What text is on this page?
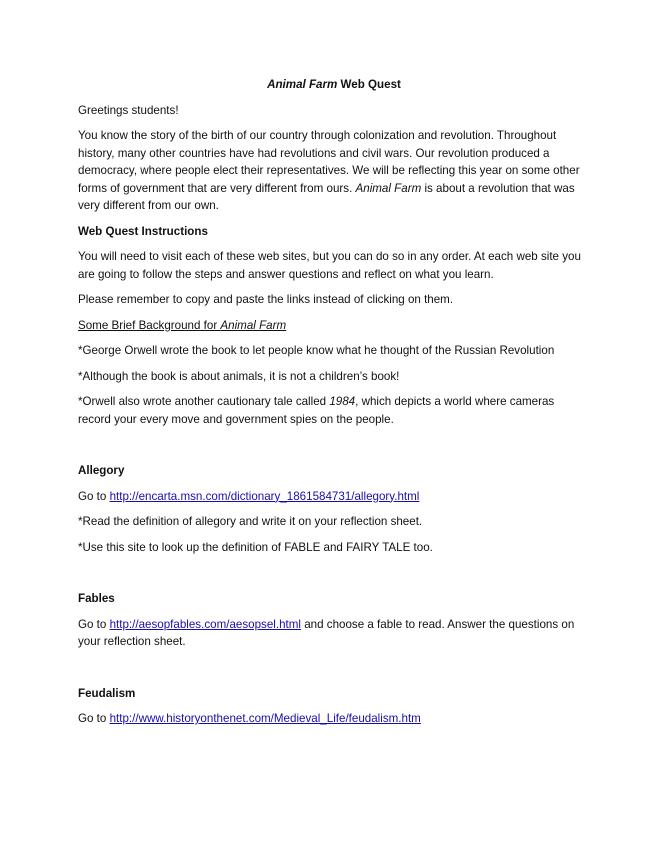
Animal Farm Web Quest

Greetings students!

You know the story of the birth of our country through colonization and revolution. Throughout history, many other countries have had revolutions and civil wars. Our revolution produced a democracy, where people elect their representatives. We will be reflecting this year on some other forms of government that are very different from ours. Animal Farm is about a revolution that was very different from our own.

Web Quest Instructions

You will need to visit each of these web sites, but you can do so in any order. At each web site you are going to follow the steps and answer questions and reflect on what you learn.

Please remember to copy and paste the links instead of clicking on them.

Some Brief Background for Animal Farm

*George Orwell wrote the book to let people know what he thought of the Russian Revolution

*Although the book is about animals, it is not a children’s book!

*Orwell also wrote another cautionary tale called 1984, which depicts a world where cameras record your every move and government spies on the people.

Allegory

Go to http://encarta.msn.com/dictionary_1861584731/allegory.html

*Read the definition of allegory and write it on your reflection sheet.

*Use this site to look up the definition of FABLE and FAIRY TALE too.

Fables

Go to http://aesopfables.com/aesopsel.html and choose a fable to read. Answer the questions on your reflection sheet.

Feudalism

Go to http://www.historyonthenet.com/Medieval_Life/feudalism.htm
